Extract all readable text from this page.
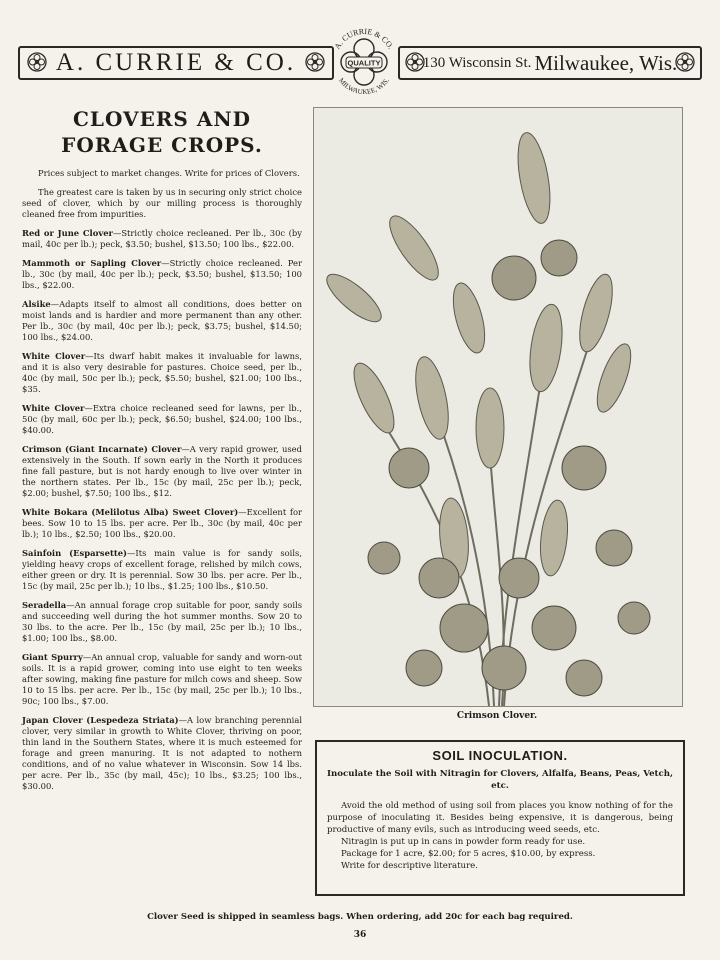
A. CURRIE & CO.
A. CURRIE & CO.
QUALITY
MILWAUKEE, WIS.
130 Wisconsin St. Milwaukee, Wis.
CLOVERS AND
FORAGE CROPS.

Prices subject to market changes. Write for prices of Clovers.

The greatest care is taken by us in securing only strict choice seed of clover, which by our milling process is thoroughly cleaned free from impurities.

Red or June Clover—Strictly choice recleaned. Per lb., 30c (by mail, 40c per lb.); peck, $3.50; bushel, $13.50; 100 lbs., $22.00.

Mammoth or Sapling Clover—Strictly choice recleaned. Per lb., 30c (by mail, 40c per lb.); peck, $3.50; bushel, $13.50; 100 lbs., $22.00.

Alsike—Adapts itself to almost all conditions, does better on moist lands and is hardier and more permanent than any other. Per lb., 30c (by mail, 40c per lb.); peck, $3.75; bushel, $14.50; 100 lbs., $24.00.

White Clover—Its dwarf habit makes it invaluable for lawns, and it is also very desirable for pastures. Choice seed, per lb., 40c (by mail, 50c per lb.); peck, $5.50; bushel, $21.00; 100 lbs., $35.

White Clover—Extra choice recleaned seed for lawns, per lb., 50c (by mail, 60c per lb.); peck, $6.50; bushel, $24.00; 100 lbs., $40.00.

Crimson (Giant Incarnate) Clover—A very rapid grower, used extensively in the South. If sown early in the North it produces fine fall pasture, but is not hardy enough to live over winter in the northern states. Per lb., 15c (by mail, 25c per lb.); peck, $2.00; bushel, $7.50; 100 lbs., $12.

White Bokara (Melilotus Alba) Sweet Clover)—Excellent for bees. Sow 10 to 15 lbs. per acre. Per lb., 30c (by mail, 40c per lb.); 10 lbs., $2.50; 100 lbs., $20.00.

Sainfoin (Esparsette)—Its main value is for sandy soils, yielding heavy crops of excellent forage, relished by milch cows, either green or dry. It is perennial. Sow 30 lbs. per acre. Per lb., 15c (by mail, 25c per lb.); 10 lbs., $1.25; 100 lbs., $10.50.

Seradella—An annual forage crop suitable for poor, sandy soils and succeeding well during the hot summer months. Sow 20 to 30 lbs. to the acre. Per lb., 15c (by mail, 25c per lb.); 10 lbs., $1.00; 100 lbs., $8.00.

Giant Spurry—An annual crop, valuable for sandy and worn-out soils. It is a rapid grower, coming into use eight to ten weeks after sowing, making fine pasture for milch cows and sheep. Sow 10 to 15 lbs. per acre. Per lb., 15c (by mail, 25c per lb.); 10 lbs., 90c; 100 lbs., $7.00.

Japan Clover (Lespedeza Striata)—A low branching perennial clover, very similar in growth to White Clover, thriving on poor, thin land in the Southern States, where it is much esteemed for forage and green manuring. It is not adapted to nothern conditions, and of no value whatever in Wisconsin. Sow 14 lbs. per acre. Per lb., 35c (by mail, 45c); 10 lbs., $3.25; 100 lbs., $30.00.

Crimson Clover.
SOIL INOCULATION.

Inoculate the Soil with Nitragin for Clovers, Alfalfa, Beans, Peas, Vetch, etc.

Avoid the old method of using soil from places you know nothing of for the purpose of inoculating it. Besides being expensive, it is dangerous, being productive of many evils, such as introducing weed seeds, etc.

Nitragin is put up in cans in powder form ready for use.

Package for 1 acre, $2.00; for 5 acres, $10.00, by express.

Write for descriptive literature.

Clover Seed is shipped in seamless bags. When ordering, add 20c for each bag required.
36
